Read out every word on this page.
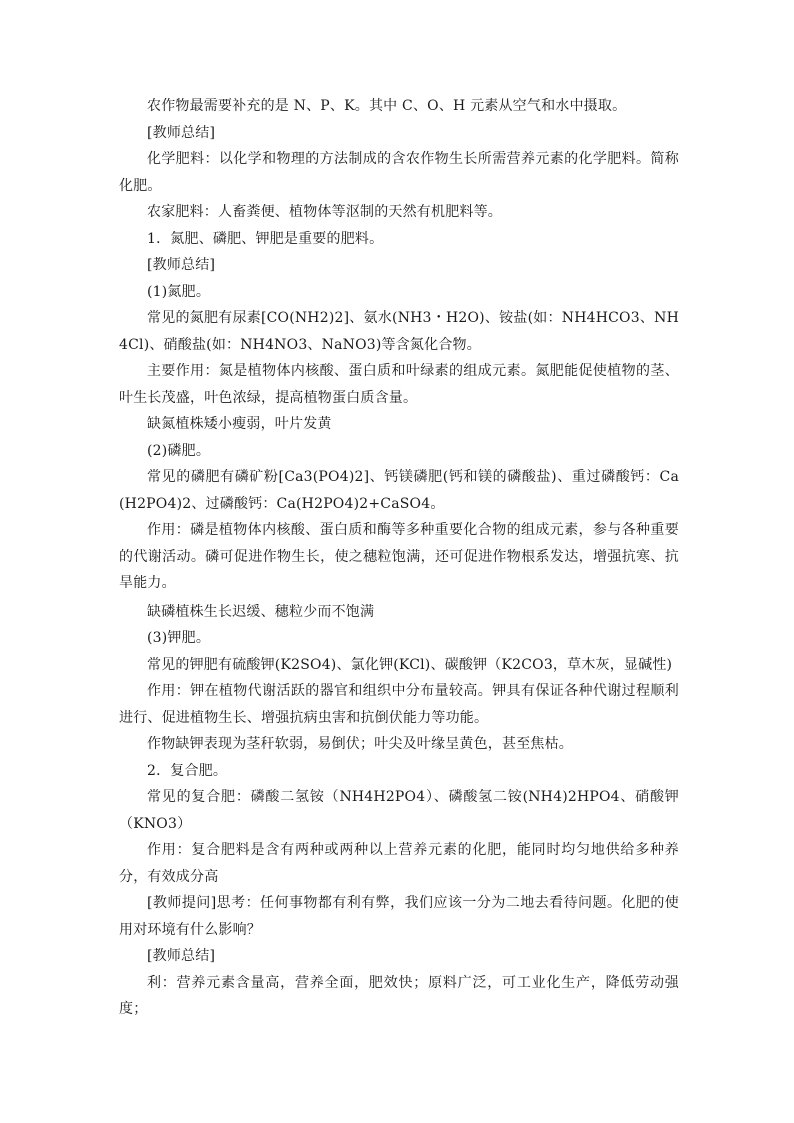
农作物最需要补充的是 N、P、K。其中 C、O、H 元素从空气和水中摄取。

[教师总结]

化学肥料：以化学和物理的方法制成的含农作物生长所需营养元素的化学肥料。简称化肥。

农家肥料：人畜粪便、植物体等沤制的天然有机肥料等。

1．氮肥、磷肥、钾肥是重要的肥料。

[教师总结]

(1)氮肥。

常见的氮肥有尿素[CO(NH2)2]、氨水(NH3・H2O)、铵盐(如：NH4HCO3、NH4Cl)、硝酸盐(如：NH4NO3、NaNO3)等含氮化合物。

主要作用：氮是植物体内核酸、蛋白质和叶绿素的组成元素。氮肥能促使植物的茎、叶生长茂盛，叶色浓绿，提高植物蛋白质含量。

缺氮植株矮小瘦弱，叶片发黄

(2)磷肥。

常见的磷肥有磷矿粉[Ca3(PO4)2]、钙镁磷肥(钙和镁的磷酸盐)、重过磷酸钙：Ca(H2PO4)2、过磷酸钙：Ca(H2PO4)2+CaSO4。

作用：磷是植物体内核酸、蛋白质和酶等多种重要化合物的组成元素，参与各种重要的代谢活动。磷可促进作物生长，使之穗粒饱满，还可促进作物根系发达，增强抗寒、抗旱能力。

缺磷植株生长迟缓、穗粒少而不饱满

(3)钾肥。

常见的钾肥有硫酸钾(K2SO4)、氯化钾(KCl)、碳酸钾（K2CO3，草木灰，显碱性)

作用：钾在植物代谢活跃的器官和组织中分布量较高。钾具有保证各种代谢过程顺利进行、促进植物生长、增强抗病虫害和抗倒伏能力等功能。

作物缺钾表现为茎秆软弱，易倒伏；叶尖及叶缘呈黄色，甚至焦枯。

2．复合肥。

常见的复合肥：磷酸二氢铵（NH4H2PO4）、磷酸氢二铵(NH4)2HPO4、硝酸钾（KNO3）

作用：复合肥料是含有两种或两种以上营养元素的化肥，能同时均匀地供给多种养分，有效成分高

[教师提问]思考：任何事物都有利有弊，我们应该一分为二地去看待问题。化肥的使用对环境有什么影响？

[教师总结]

利：营养元素含量高，营养全面，肥效快；原料广泛，可工业化生产，降低劳动强度；
